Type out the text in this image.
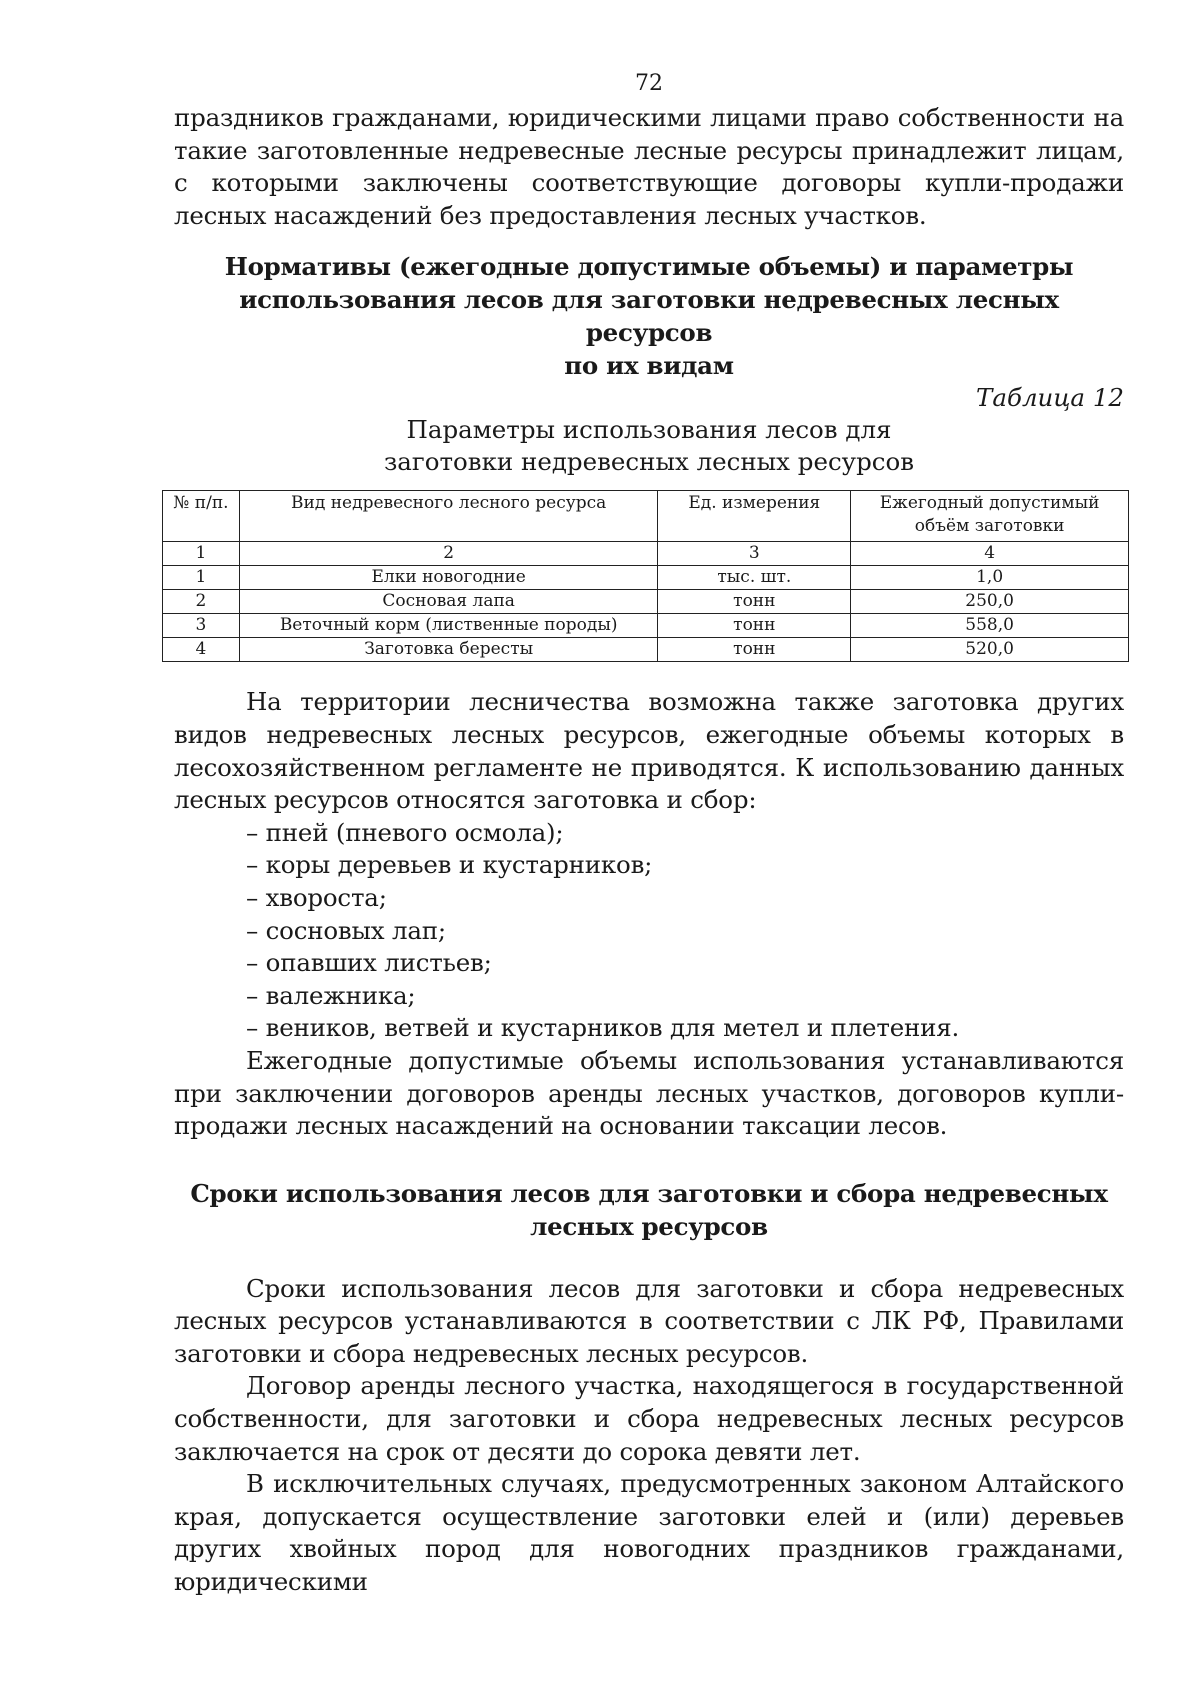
72

праздников гражданами, юридическими лицами право собственности на такие заготовленные недревесные лесные ресурсы принадлежит лицам, с которыми заключены соответствующие договоры купли-продажи лесных насаждений без предоставления лесных участков.

Нормативы (ежегодные допустимые объемы) и параметры
использования лесов для заготовки недревесных лесных ресурсов
по их видам
Таблица 12
Параметры использования лесов для
заготовки недревесных лесных ресурсов
№ п/п.	Вид недревесного лесного ресурса	Ед. измерения	Ежегодный допустимый объём заготовки
1	2	3	4
1	Елки новогодние	тыс. шт.	1,0
2	Сосновая лапа	тонн	250,0
3	Веточный корм (лиственные породы)	тонн	558,0
4	Заготовка бересты	тонн	520,0

На территории лесничества возможна также заготовка других видов недревесных лесных ресурсов, ежегодные объемы которых в лесохозяйственном регламенте не приводятся. К использованию данных лесных ресурсов относятся заготовка и сбор:

– пней (пневого осмола);
– коры деревьев и кустарников;
– хвороста;
– сосновых лап;
– опавших листьев;
– валежника;
– веников, ветвей и кустарников для метел и плетения.

Ежегодные допустимые объемы использования устанавливаются при заключении договоров аренды лесных участков, договоров купли-продажи лесных насаждений на основании таксации лесов.

Сроки использования лесов для заготовки и сбора недревесных
лесных ресурсов

Сроки использования лесов для заготовки и сбора недревесных лесных ресурсов устанавливаются в соответствии с ЛК РФ, Правилами заготовки и сбора недревесных лесных ресурсов.

Договор аренды лесного участка, находящегося в государственной собственности, для заготовки и сбора недревесных лесных ресурсов заключается на срок от десяти до сорока девяти лет.

В исключительных случаях, предусмотренных законом Алтайского края, допускается осуществление заготовки елей и (или) деревьев других хвойных пород для новогодних праздников гражданами, юридическими
